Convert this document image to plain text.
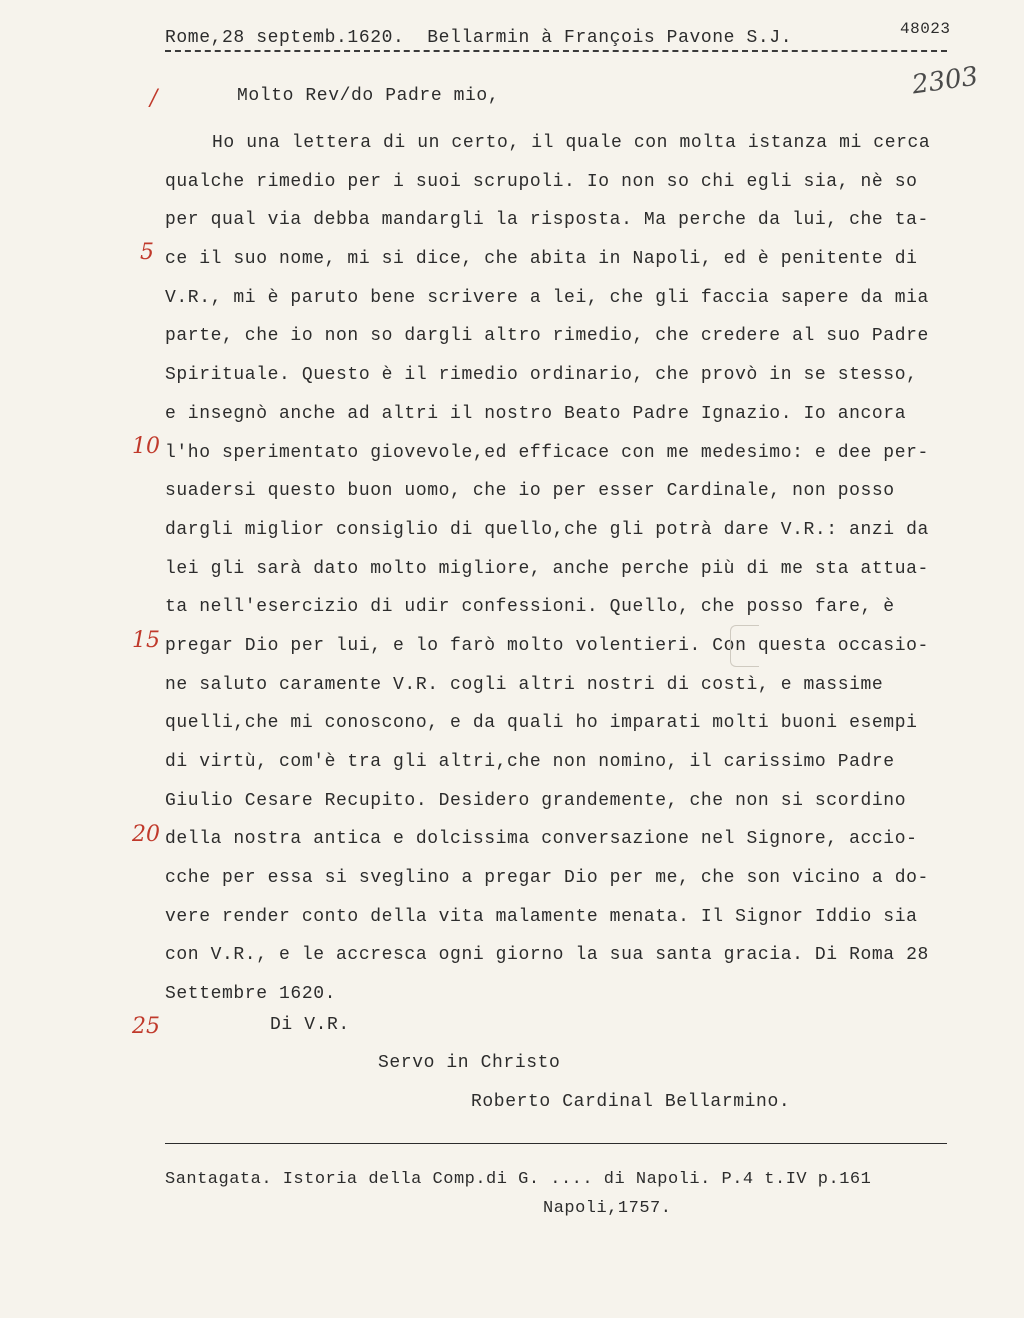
Rome,28 septemb.1620.  Bellarmin à François Pavone S.J.	48023
2303
/	Molto Rev/do Padre mio,
Ho una lettera di un certo, il quale con molta istanza mi cerca
qualche rimedio per i suoi scrupoli. Io non so chi egli sia, nè so
per qual via debba mandargli la risposta. Ma perche da lui, che ta-
ce il suo nome, mi si dice, che abita in Napoli, ed è penitente di
V.R., mi è paruto bene scrivere a lei, che gli faccia sapere da mia
parte, che io non so dargli altro rimedio, che credere al suo Padre
Spirituale. Questo è il rimedio ordinario, che provò in se stesso,
e insegnò anche ad altri il nostro Beato Padre Ignazio. Io ancora
l'ho sperimentato giovevole,ed efficace con me medesimo: e dee per-
suadersi questo buon uomo, che io per esser Cardinale, non posso
dargli miglior consiglio di quello,che gli potrà dare V.R.: anzi da
lei gli sarà dato molto migliore, anche perche più di me sta attua-
ta nell'esercizio di udir confessioni. Quello, che posso fare, è
pregar Dio per lui, e lo farò molto volentieri. Con questa occasio-
ne saluto caramente V.R. cogli altri nostri di costì, e massime
quelli,che mi conoscono, e da quali ho imparati molti buoni esempi
di virtù, com'è tra gli altri,che non nomino, il carissimo Padre
Giulio Cesare Recupito. Desidero grandemente, che non si scordino
della nostra antica e dolcissima conversazione nel Signore, accio-
cche per essa si sveglino a pregar Dio per me, che son vicino a do-
vere render conto della vita malamente menata. Il Signor Iddio sia
con V.R., e le accresca ogni giorno la sua santa gracia. Di Roma 28
Settembre 1620.
5
10
15
20
25	Di V.R.
Servo in Christo
Roberto Cardinal Bellarmino.
Santagata. Istoria della Comp.di G. .... di Napoli. P.4 t.IV p.161
Napoli,1757.
